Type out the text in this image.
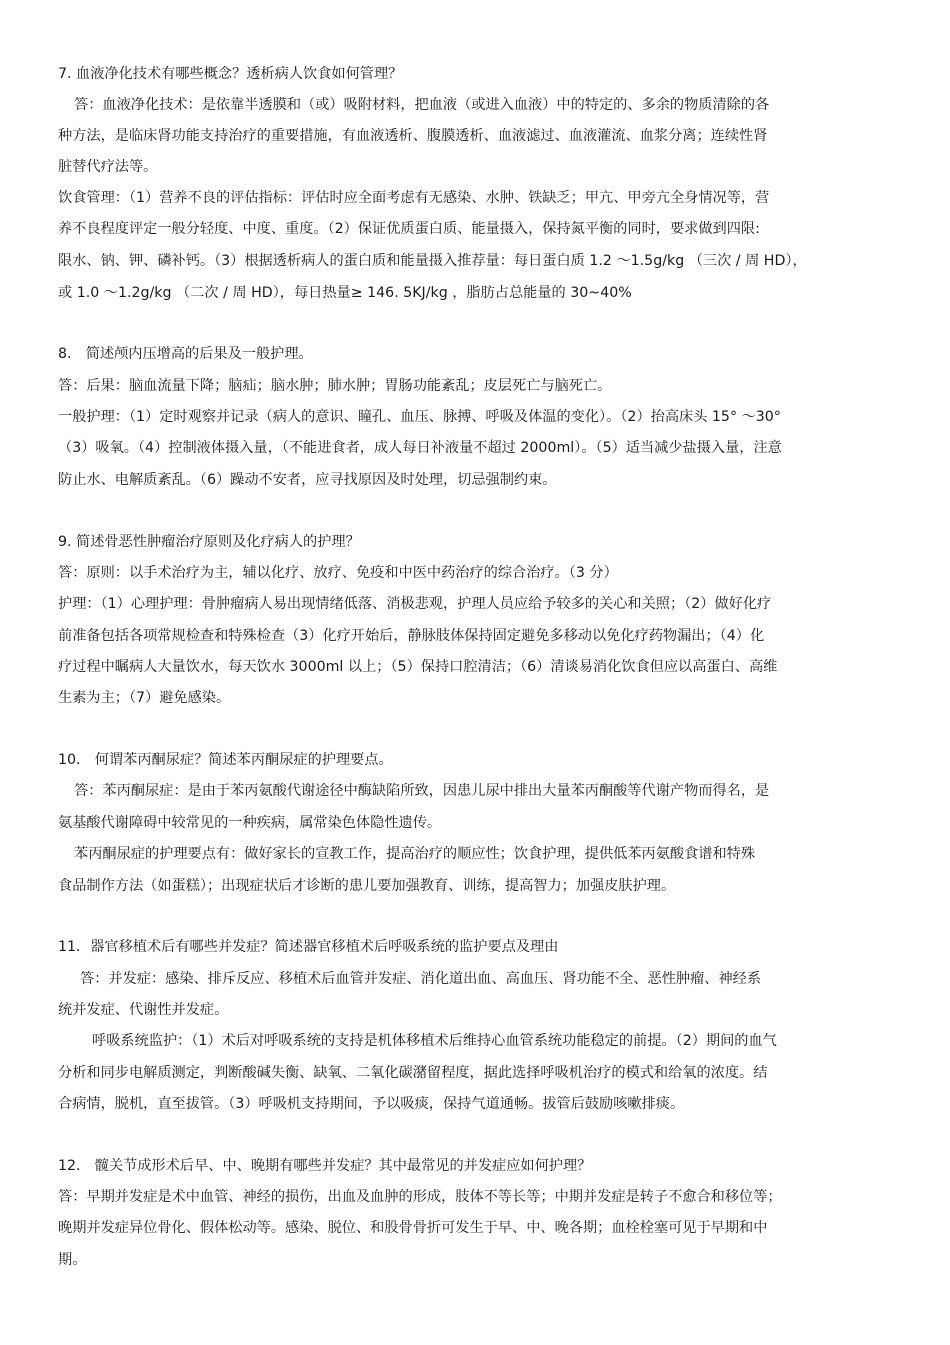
7. 血液净化技术有哪些概念？透析病人饮食如何管理？
答：血液净化技术：是依靠半透膜和（或）吸附材料，把血液（或进入血液）中的特定的、多余的物质清除的各
种方法，是临床肾功能支持治疗的重要措施，有血液透析、腹膜透析、血液滤过、血液灌流、血浆分离；连续性肾
脏替代疗法等。
饮食管理：（1）营养不良的评估指标：评估时应全面考虑有无感染、水肿、铁缺乏；甲亢、甲旁亢全身情况等，营
养不良程度评定一般分轻度、中度、重度。（2）保证优质蛋白质、能量摄入，保持氮平衡的同时，要求做到四限:
限水、钠、钾、磷补钙。（3）根据透析病人的蛋白质和能量摄入推荐量：每日蛋白质 1.2 ～1.5g/kg （三次 / 周 HD），
或 1.0 ～1.2g/kg （二次 / 周 HD），每日热量≥ 146. 5KJ/kg ，脂肪占总能量的 30~40%
8． 简述颅内压增高的后果及一般护理。
答：后果：脑血流量下降；脑疝；脑水肿；肺水肿；胃肠功能紊乱；皮层死亡与脑死亡。
一般护理：（1）定时观察并记录（病人的意识、瞳孔、血压、脉搏、呼吸及体温的变化）。（2）抬高床头 15° ～30°
（3）吸氧。（4）控制液体摄入量，（不能进食者，成人每日补液量不超过 2000ml）。（5）适当减少盐摄入量，注意
防止水、电解质紊乱。（6）躁动不安者，应寻找原因及时处理，切忌强制约束。
9. 简述骨恶性肿瘤治疗原则及化疗病人的护理？
答：原则：以手术治疗为主，辅以化疗、放疗、免疫和中医中药治疗的综合治疗。（3 分）
护理：（1）心理护理：骨肿瘤病人易出现情绪低落、消极悲观，护理人员应给予较多的关心和关照；（2）做好化疗
前准备包括各项常规检查和特殊检查（3）化疗开始后，静脉肢体保持固定避免多移动以免化疗药物漏出；（4）化
疗过程中瞩病人大量饮水，每天饮水 3000ml 以上；（5）保持口腔清洁；（6）清谈易消化饮食但应以高蛋白、高维
生素为主；（7）避免感染。
10． 何谓苯丙酮尿症？简述苯丙酮尿症的护理要点。
答：苯丙酮尿症：是由于苯丙氨酸代谢途径中酶缺陷所致，因患儿尿中排出大量苯丙酮酸等代谢产物而得名，是
氨基酸代谢障碍中较常见的一种疾病，属常染色体隐性遗传。
苯丙酮尿症的护理要点有：做好家长的宣教工作，提高治疗的顺应性；饮食护理，提供低苯丙氨酸食谱和特殊
食品制作方法（如蛋糕）；出现症状后才诊断的患儿要加强教育、训练，提高智力；加强皮肤护理。
11．器官移植术后有哪些并发症？简述器官移植术后呼吸系统的监护要点及理由
答：并发症：感染、排斥反应、移植术后血管并发症、消化道出血、高血压、肾功能不全、恶性肿瘤、神经系
统并发症、代谢性并发症。
呼吸系统监护：（1）术后对呼吸系统的支持是机体移植术后维持心血管系统功能稳定的前提。（2）期间的血气
分析和同步电解质测定，判断酸碱失衡、缺氧、二氧化碳潴留程度，据此选择呼吸机治疗的模式和给氧的浓度。结
合病情，脱机，直至拔管。（3）呼吸机支持期间，予以吸痰，保持气道通畅。拔管后鼓励咳嗽排痰。
12． 髋关节成形术后早、中、晚期有哪些并发症？其中最常见的并发症应如何护理？
答：早期并发症是术中血管、神经的损伤，出血及血肿的形成，肢体不等长等；中期并发症是转子不愈合和移位等；
晚期并发症异位骨化、假体松动等。感染、脱位、和股骨骨折可发生于早、中、晚各期；血栓栓塞可见于早期和中
期。
